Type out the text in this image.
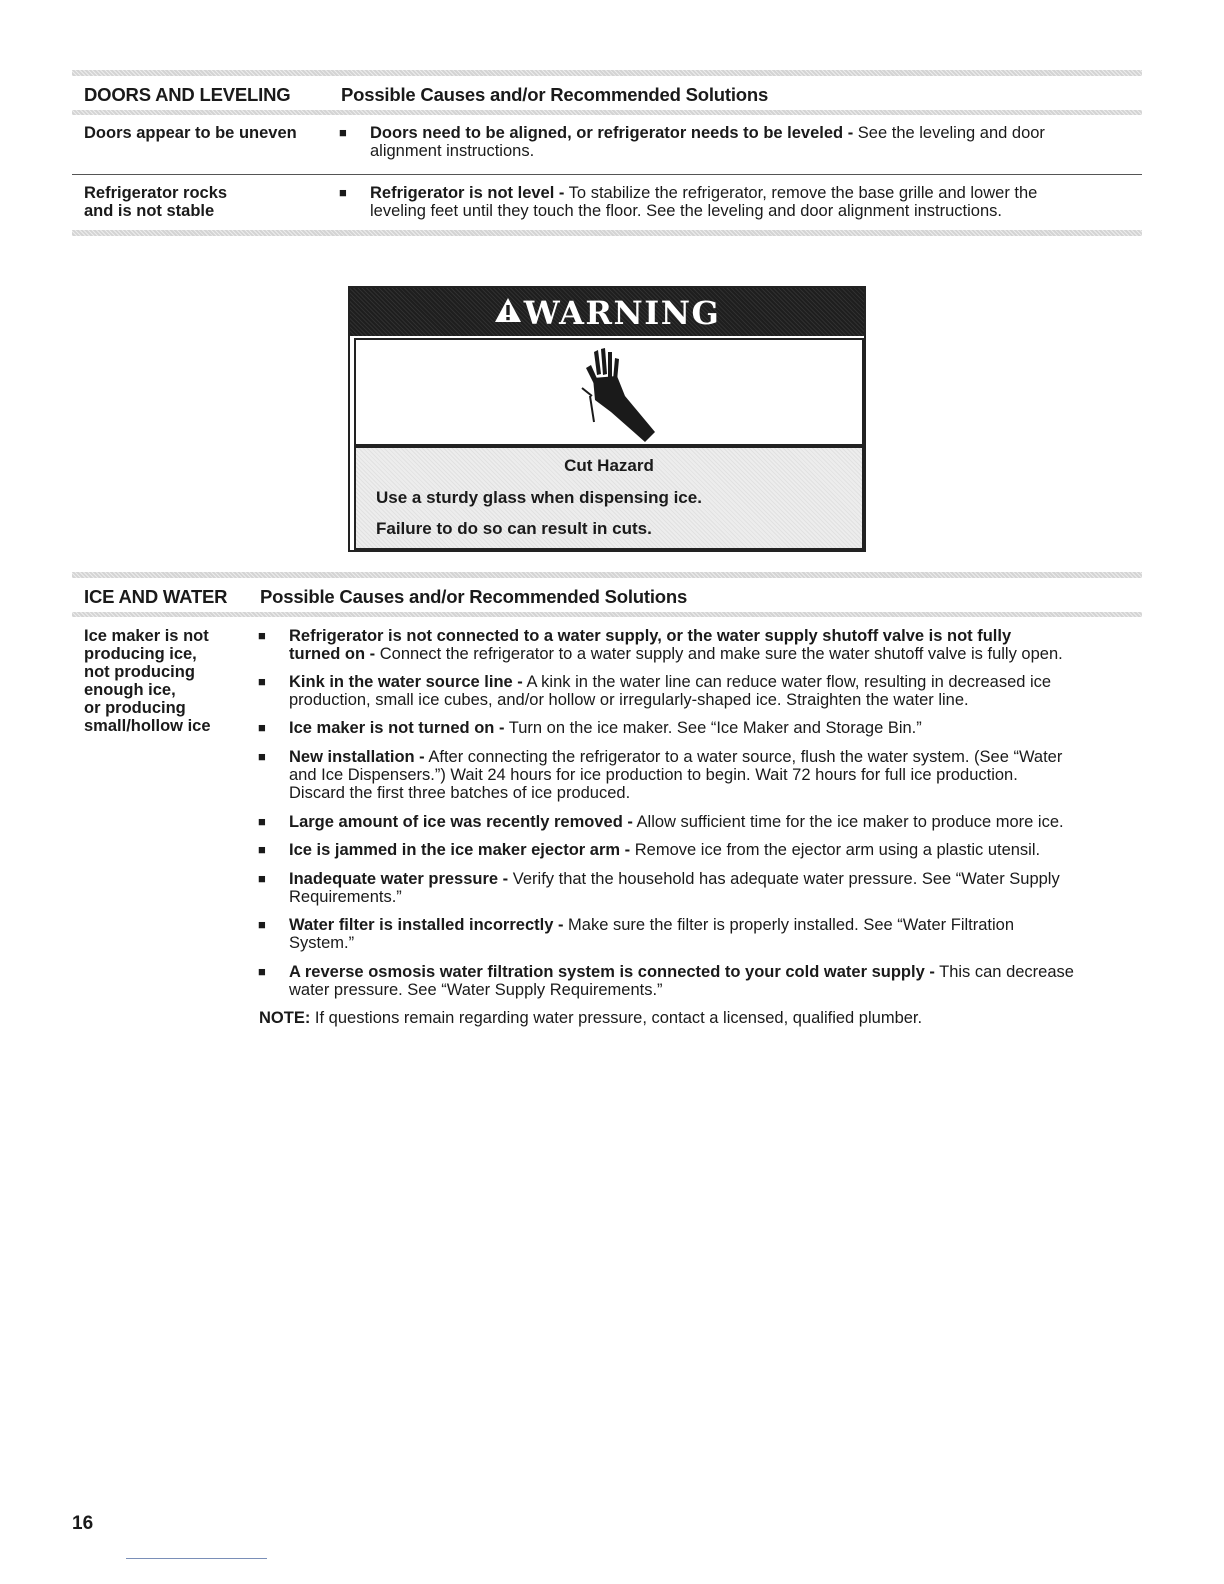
DOORS AND LEVELING	Possible Causes and/or Recommended Solutions
Doors appear to be uneven	■ Doors need to be aligned, or refrigerator needs to be leveled - See the leveling and door
alignment instructions.
Refrigerator rocks
and is not stable
■ Refrigerator is not level - To stabilize the refrigerator, remove the base grille and lower the
leveling feet until they touch the floor. See the leveling and door alignment instructions.
WARNING
Cut Hazard
Use a sturdy glass when dispensing ice.
Failure to do so can result in cuts.
ICE AND WATER Possible Causes and/or Recommended Solutions
Ice maker is not
producing ice,
not producing
enough ice,
or producing
small/hollow ice
■ Refrigerator is not connected to a water supply, or the water supply shutoff valve is not fully
turned on - Connect the refrigerator to a water supply and make sure the water shutoff valve is fully open.
■ Kink in the water source line - A kink in the water line can reduce water flow, resulting in decreased ice
production, small ice cubes, and/or hollow or irregularly-shaped ice. Straighten the water line.
■ Ice maker is not turned on - Turn on the ice maker. See “Ice Maker and Storage Bin.”
■ New installation - After connecting the refrigerator to a water source, flush the water system. (See “Water
and Ice Dispensers.”) Wait 24 hours for ice production to begin. Wait 72 hours for full ice production.
Discard the first three batches of ice produced.
■ Large amount of ice was recently removed - Allow sufficient time for the ice maker to produce more ice.
■ Ice is jammed in the ice maker ejector arm - Remove ice from the ejector arm using a plastic utensil.
■ Inadequate water pressure - Verify that the household has adequate water pressure. See “Water Supply
Requirements.”
■ Water filter is installed incorrectly - Make sure the filter is properly installed. See “Water Filtration
System.”
■ A reverse osmosis water filtration system is connected to your cold water supply - This can decrease
water pressure. See “Water Supply Requirements.”
NOTE: If questions remain regarding water pressure, contact a licensed, qualified plumber.
16
